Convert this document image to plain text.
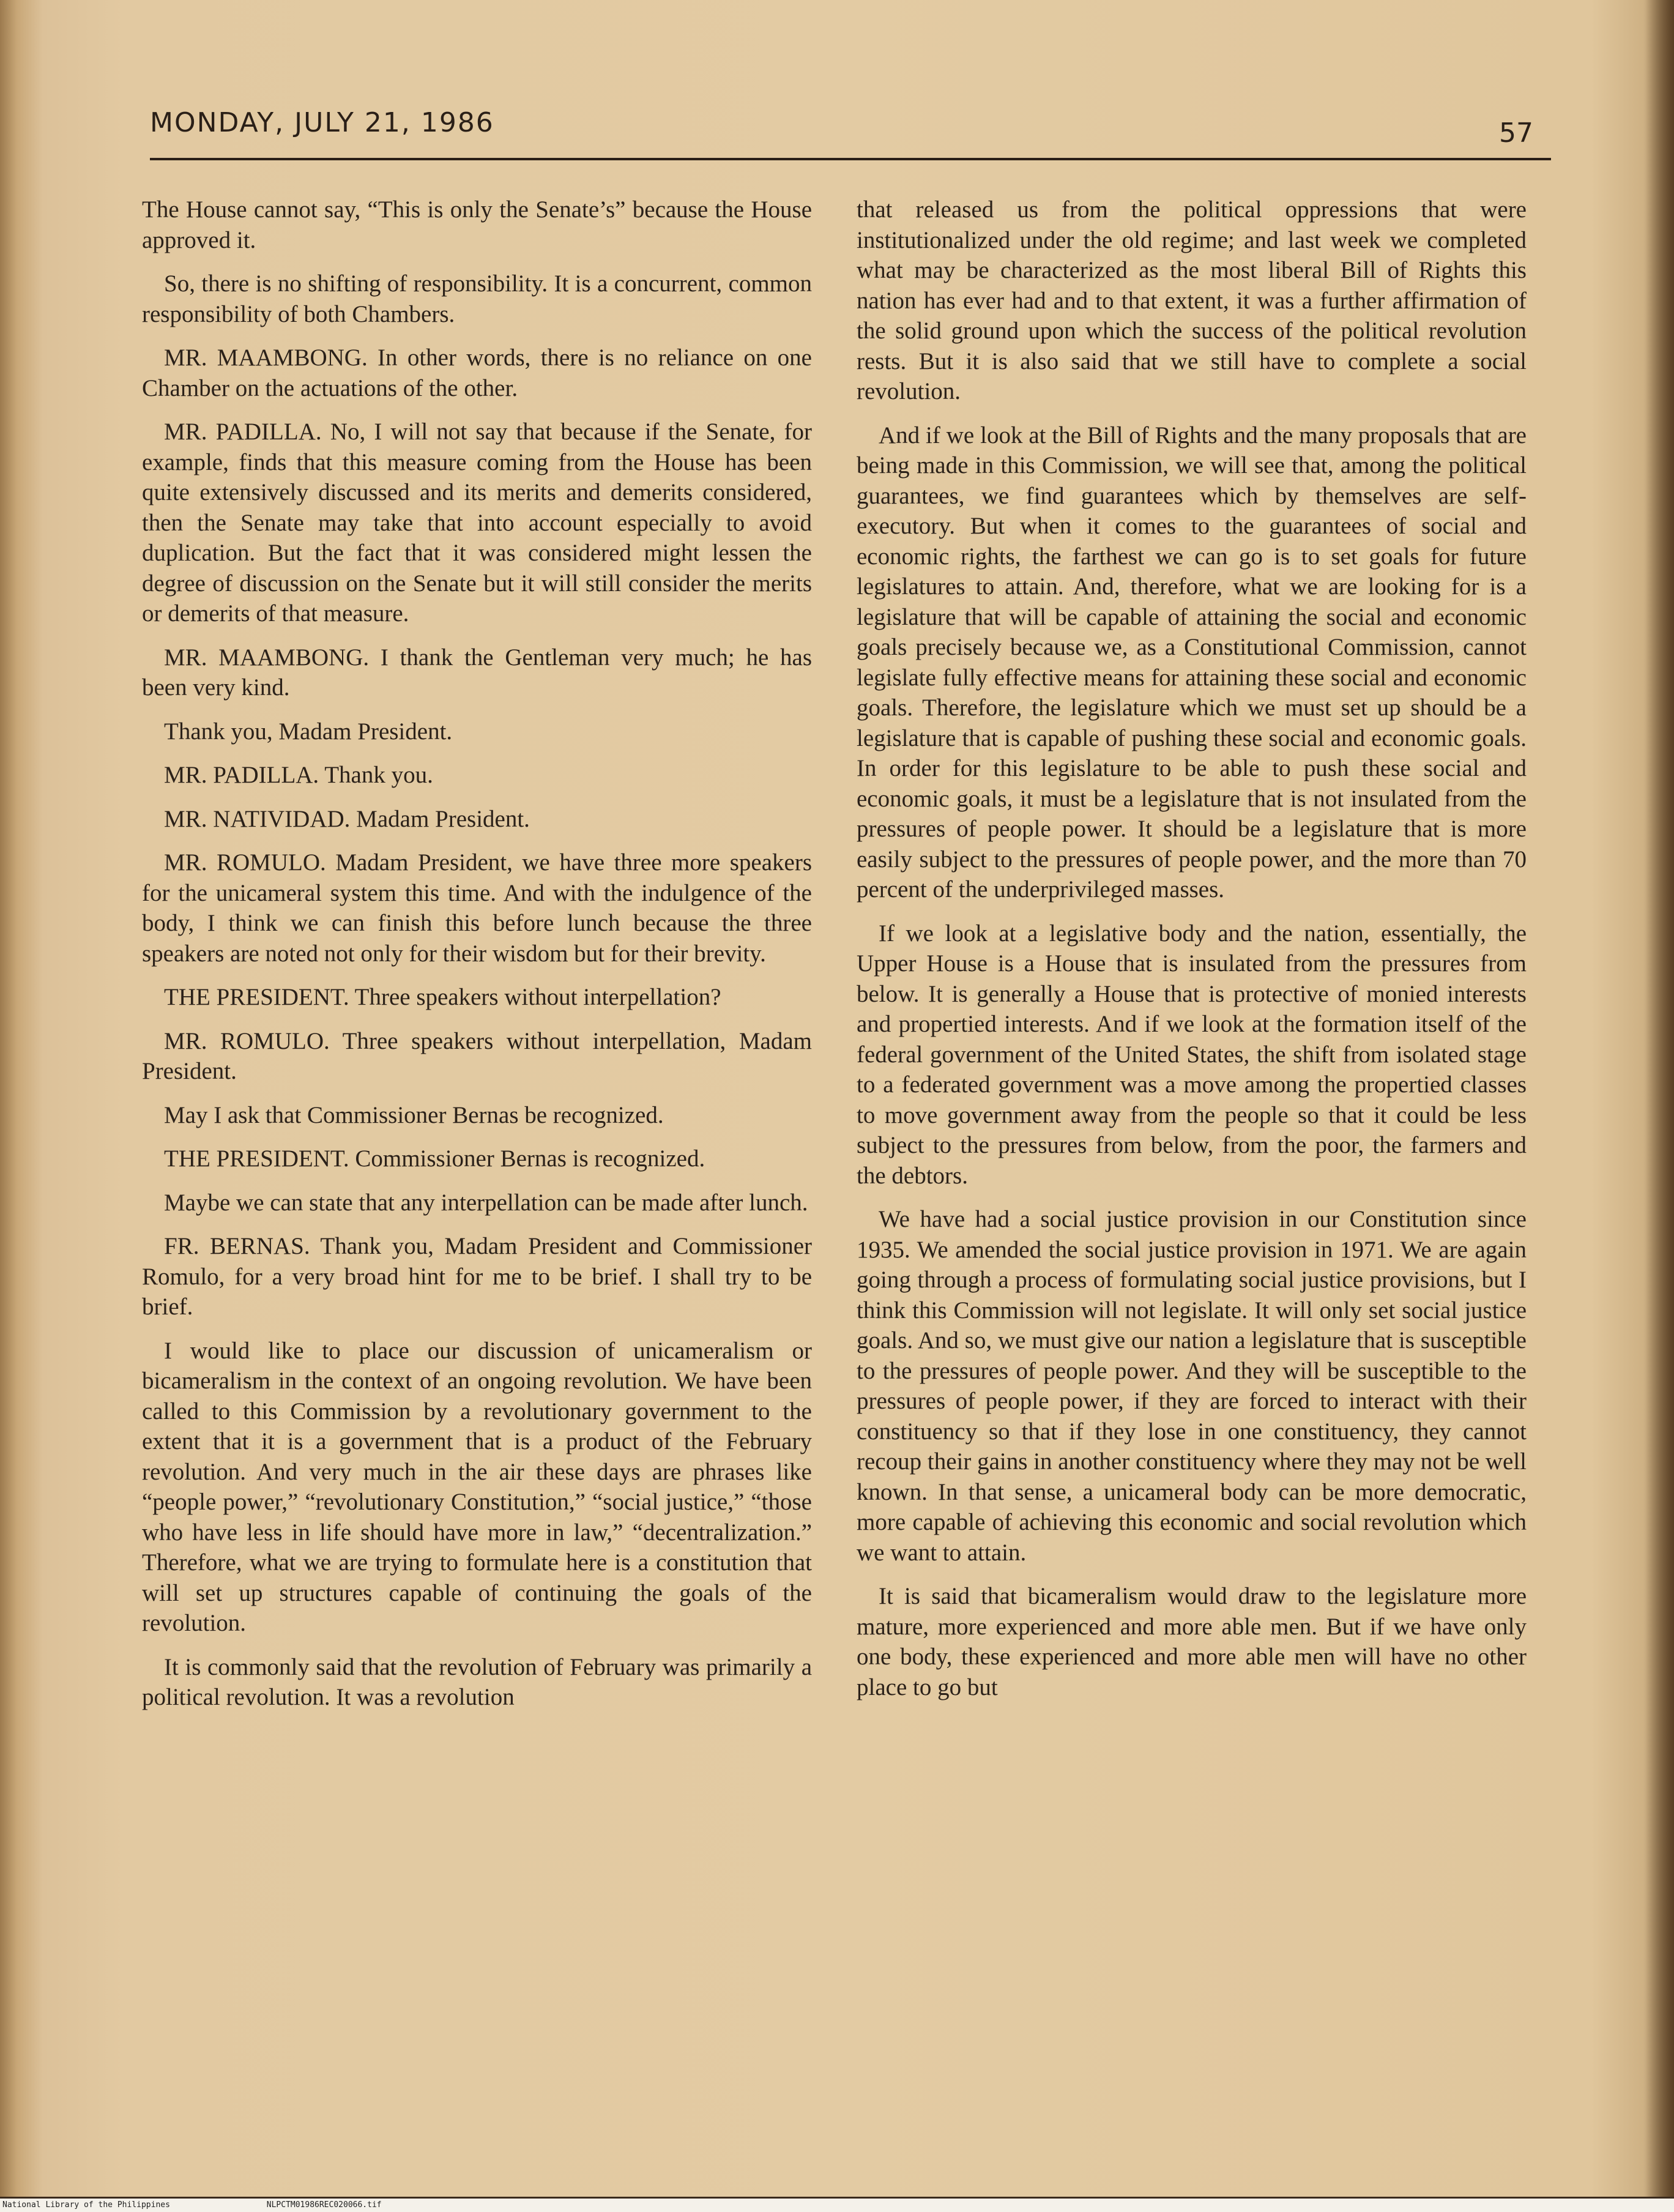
MONDAY, JULY 21, 1986	57

The House cannot say, “This is only the Senate’s” because the House approved it.

So, there is no shifting of responsibility. It is a concurrent, common responsibility of both Chambers.

MR. MAAMBONG. In other words, there is no reliance on one Chamber on the actuations of the other.

MR. PADILLA. No, I will not say that because if the Senate, for example, finds that this measure coming from the House has been quite extensively discussed and its merits and demerits considered, then the Senate may take that into account especially to avoid duplication. But the fact that it was considered might lessen the degree of discussion on the Senate but it will still consider the merits or demerits of that measure.

MR. MAAMBONG. I thank the Gentleman very much; he has been very kind.

Thank you, Madam President.

MR. PADILLA. Thank you.

MR. NATIVIDAD. Madam President.

MR. ROMULO. Madam President, we have three more speakers for the unicameral system this time. And with the indulgence of the body, I think we can finish this before lunch because the three speakers are noted not only for their wisdom but for their brevity.

THE PRESIDENT. Three speakers without interpellation?

MR. ROMULO. Three speakers without interpellation, Madam President.

May I ask that Commissioner Bernas be recognized.

THE PRESIDENT. Commissioner Bernas is recognized.

Maybe we can state that any interpellation can be made after lunch.

FR. BERNAS. Thank you, Madam President and Commissioner Romulo, for a very broad hint for me to be brief. I shall try to be brief.

I would like to place our discussion of unicameralism or bicameralism in the context of an ongoing revolution. We have been called to this Commission by a revolutionary government to the extent that it is a government that is a product of the February revolution. And very much in the air these days are phrases like “people power,” “revolutionary Constitution,” “social justice,” “those who have less in life should have more in law,” “decentralization.” Therefore, what we are trying to formulate here is a constitution that will set up structures capable of continuing the goals of the revolution.

It is commonly said that the revolution of February was primarily a political revolution. It was a revolution

that released us from the political oppressions that were institutionalized under the old regime; and last week we completed what may be characterized as the most liberal Bill of Rights this nation has ever had and to that extent, it was a further affirmation of the solid ground upon which the success of the political revolution rests. But it is also said that we still have to complete a social revolution.

And if we look at the Bill of Rights and the many proposals that are being made in this Commission, we will see that, among the political guarantees, we find guarantees which by themselves are self-executory. But when it comes to the guarantees of social and economic rights, the farthest we can go is to set goals for future legislatures to attain. And, therefore, what we are looking for is a legislature that will be capable of attaining the social and economic goals precisely because we, as a Constitutional Commission, cannot legislate fully effective means for attaining these social and economic goals. Therefore, the legislature which we must set up should be a legislature that is capable of pushing these social and economic goals. In order for this legislature to be able to push these social and economic goals, it must be a legislature that is not insulated from the pressures of people power. It should be a legislature that is more easily subject to the pressures of people power, and the more than 70 percent of the underprivileged masses.

If we look at a legislative body and the nation, essentially, the Upper House is a House that is insulated from the pressures from below. It is generally a House that is protective of monied interests and propertied interests. And if we look at the formation itself of the federal government of the United States, the shift from isolated stage to a federated government was a move among the propertied classes to move government away from the people so that it could be less subject to the pressures from below, from the poor, the farmers and the debtors.

We have had a social justice provision in our Constitution since 1935. We amended the social justice provision in 1971. We are again going through a process of formulating social justice provisions, but I think this Commission will not legislate. It will only set social justice goals. And so, we must give our nation a legislature that is susceptible to the pressures of people power. And they will be susceptible to the pressures of people power, if they are forced to interact with their constituency so that if they lose in one constituency, they cannot recoup their gains in another constituency where they may not be well known. In that sense, a unicameral body can be more democratic, more capable of achieving this economic and social revolution which we want to attain.

It is said that bicameralism would draw to the legislature more mature, more experienced and more able men. But if we have only one body, these experienced and more able men will have no other place to go but

National Library of the Philippines	NLPCTM01986REC020066.tif
